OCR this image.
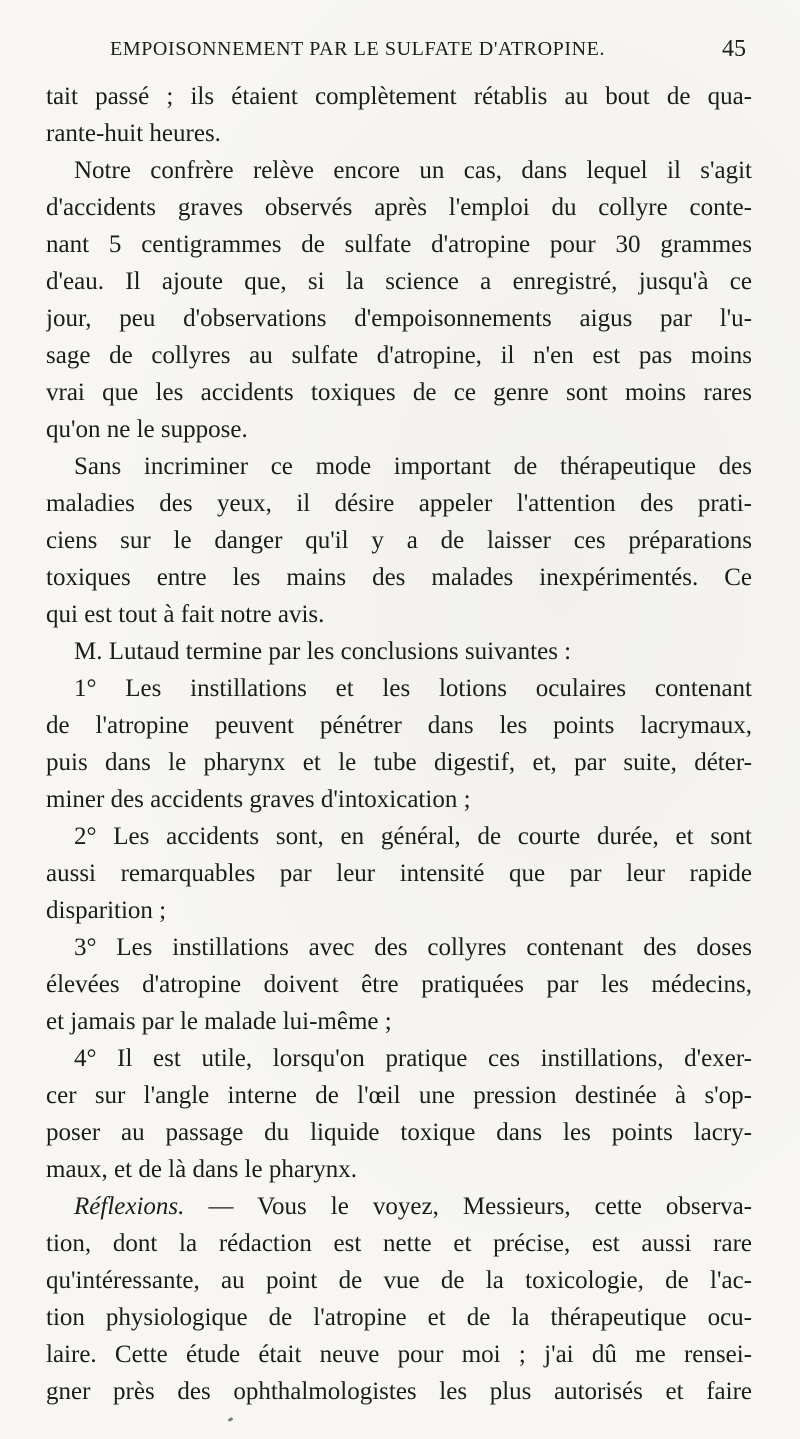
EMPOISONNEMENT PAR LE SULFATE D'ATROPINE.	45
tait passé ; ils étaient complètement rétablis au bout de qua-
rante-huit heures.
Notre confrère relève encore un cas, dans lequel il s'agit
d'accidents graves observés après l'emploi du collyre conte-
nant 5 centigrammes de sulfate d'atropine pour 30 grammes
d'eau. Il ajoute que, si la science a enregistré, jusqu'à ce
jour, peu d'observations d'empoisonnements aigus par l'u-
sage de collyres au sulfate d'atropine, il n'en est pas moins
vrai que les accidents toxiques de ce genre sont moins rares
qu'on ne le suppose.
Sans incriminer ce mode important de thérapeutique des
maladies des yeux, il désire appeler l'attention des prati-
ciens sur le danger qu'il y a de laisser ces préparations
toxiques entre les mains des malades inexpérimentés. Ce
qui est tout à fait notre avis.
M. Lutaud termine par les conclusions suivantes :
1° Les instillations et les lotions oculaires contenant
de l'atropine peuvent pénétrer dans les points lacrymaux,
puis dans le pharynx et le tube digestif, et, par suite, déter-
miner des accidents graves d'intoxication ;
2° Les accidents sont, en général, de courte durée, et sont
aussi remarquables par leur intensité que par leur rapide
disparition ;
3° Les instillations avec des collyres contenant des doses
élevées d'atropine doivent être pratiquées par les médecins,
et jamais par le malade lui-même ;
4° Il est utile, lorsqu'on pratique ces instillations, d'exer-
cer sur l'angle interne de l'œil une pression destinée à s'op-
poser au passage du liquide toxique dans les points lacry-
maux, et de là dans le pharynx.
Réflexions. — Vous le voyez, Messieurs, cette observa-
tion, dont la rédaction est nette et précise, est aussi rare
qu'intéressante, au point de vue de la toxicologie, de l'ac-
tion physiologique de l'atropine et de la thérapeutique ocu-
laire. Cette étude était neuve pour moi ; j'ai dû me rensei-
gner près des ophthalmologistes les plus autorisés et faire
